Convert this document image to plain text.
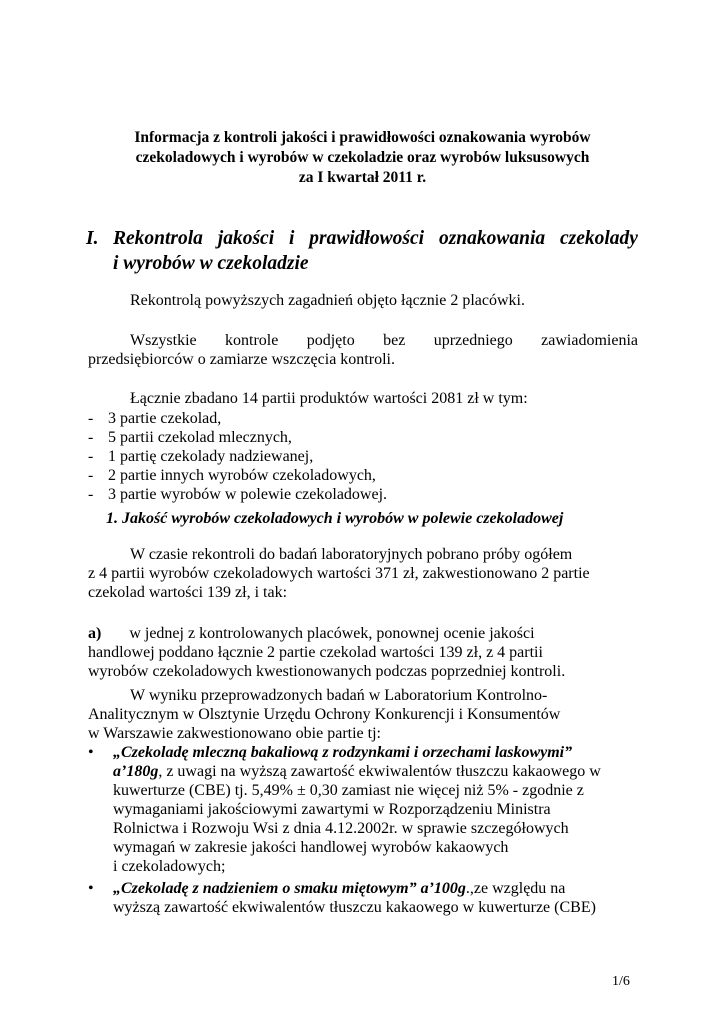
Informacja z kontroli jakości i prawidłowości oznakowania wyrobów
czekoladowych i wyrobów w czekoladzie oraz wyrobów luksusowych
za I kwartał 2011 r.
I. Rekontrola jakości i prawidłowości oznakowania czekolady
i wyrobów w czekoladzie
Rekontrolą powyższych zagadnień objęto łącznie 2 placówki.
Wszystkie kontrole podjęto bez uprzedniego zawiadomienia
przedsiębiorców o zamiarze wszczęcia kontroli.
Łącznie zbadano 14 partii produktów wartości 2081 zł w tym:
- 3 partie czekolad,
- 5 partii czekolad mlecznych,
- 1 partię czekolady nadziewanej,
- 2 partie innych wyrobów czekoladowych,
- 3 partie wyrobów w polewie czekoladowej.
1. Jakość wyrobów czekoladowych i wyrobów w polewie czekoladowej
W czasie rekontroli do badań laboratoryjnych pobrano próby ogółem
z 4 partii wyrobów czekoladowych wartości 371 zł, zakwestionowano 2 partie
czekolad wartości 139 zł, i tak:
a) w jednej z kontrolowanych placówek, ponownej ocenie jakości
handlowej poddano łącznie 2 partie czekolad wartości 139 zł, z 4 partii
wyrobów czekoladowych kwestionowanych podczas poprzedniej kontroli.
W wyniku przeprowadzonych badań w Laboratorium Kontrolno-
Analitycznym w Olsztynie Urzędu Ochrony Konkurencji i Konsumentów
w Warszawie zakwestionowano obie partie tj:
• „Czekoladę mleczną bakaliową z rodzynkami i orzechami laskowymi”
a’180g, z uwagi na wyższą zawartość ekwiwalentów tłuszczu kakaowego w
kuwerturze (CBE) tj. 5,49% ± 0,30 zamiast nie więcej niż 5% - zgodnie z
wymaganiami jakościowymi zawartymi w Rozporządzeniu Ministra
Rolnictwa i Rozwoju Wsi z dnia 4.12.2002r. w sprawie szczegółowych
wymagań w zakresie jakości handlowej wyrobów kakaowych
i czekoladowych;
• „Czekoladę z nadzieniem o smaku miętowym” a’100g.,ze względu na
wyższą zawartość ekwiwalentów tłuszczu kakaowego w kuwerturze (CBE)
1/6
